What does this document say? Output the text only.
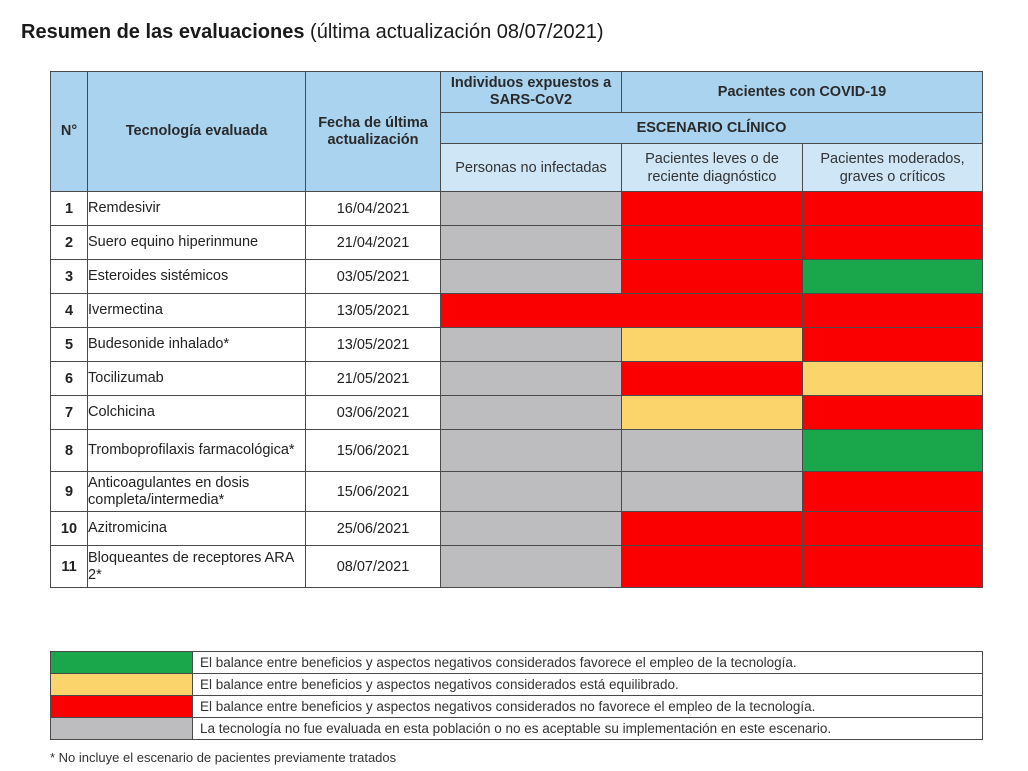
Resumen de las evaluaciones (última actualización 08/07/2021)
N°	Tecnología evaluada	Fecha de última actualización	Individuos expuestos a SARS-CoV2	Pacientes con COVID-19	
			ESCENARIO CLÍNICO		
			Personas no infectadas	Pacientes leves o de reciente diagnóstico	Pacientes moderados, graves o críticos
1	Remdesivir	16/04/2021			
2	Suero equino hiperinmune	21/04/2021			
3	Esteroides sistémicos	03/05/2021			
4	Ivermectina	13/05/2021			
5	Budesonide inhalado*	13/05/2021			
6	Tocilizumab	21/05/2021			
7	Colchicina	03/06/2021			
8	Tromboprofilaxis farmacológica*	15/06/2021			
9	Anticoagulantes en dosis completa/intermedia*	15/06/2021			
10	Azitromicina	25/06/2021			
11	Bloqueantes de receptores ARA 2*	08/07/2021			
	El balance entre beneficios y aspectos negativos considerados favorece el empleo de la tecnología.
	El balance entre beneficios y aspectos negativos considerados está equilibrado.
	El balance entre beneficios y aspectos negativos considerados no favorece el empleo de la tecnología.
	La tecnología no fue evaluada en esta población o no es aceptable su implementación en este escenario.
* No incluye el escenario de pacientes previamente tratados
